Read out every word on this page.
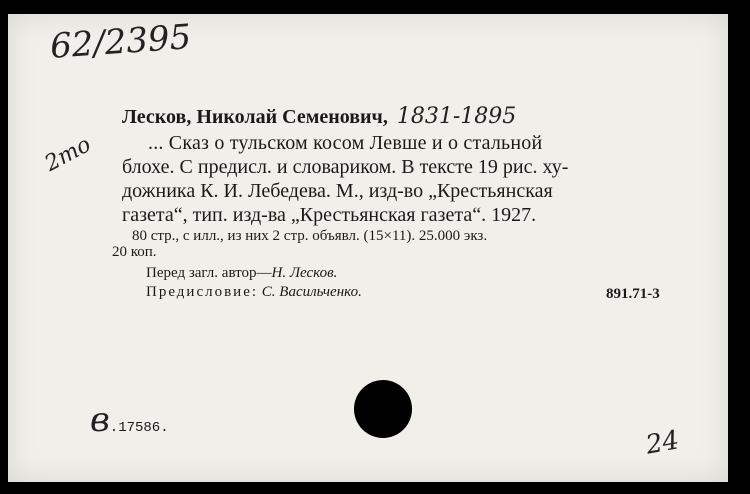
62/2395
2mo
Лесков, Николай Семенович, 1831-1895
... Сказ о тульском косом Левше и о стальной
блохе. С предисл. и словариком. В тексте 19 рис. ху-
дожника К. И. Лебедева. М., изд-во „Крестьянская
газета“, тип. изд-ва „Крестьянская газета“. 1927.
80 стр., с илл., из них 2 стр. объявл. (15×11). 25.000 экз.
20 коп.
Перед загл. автор—Н. Лесков.
Предисловие: С. Васильченко.	891.71-3
в.17586.	24
